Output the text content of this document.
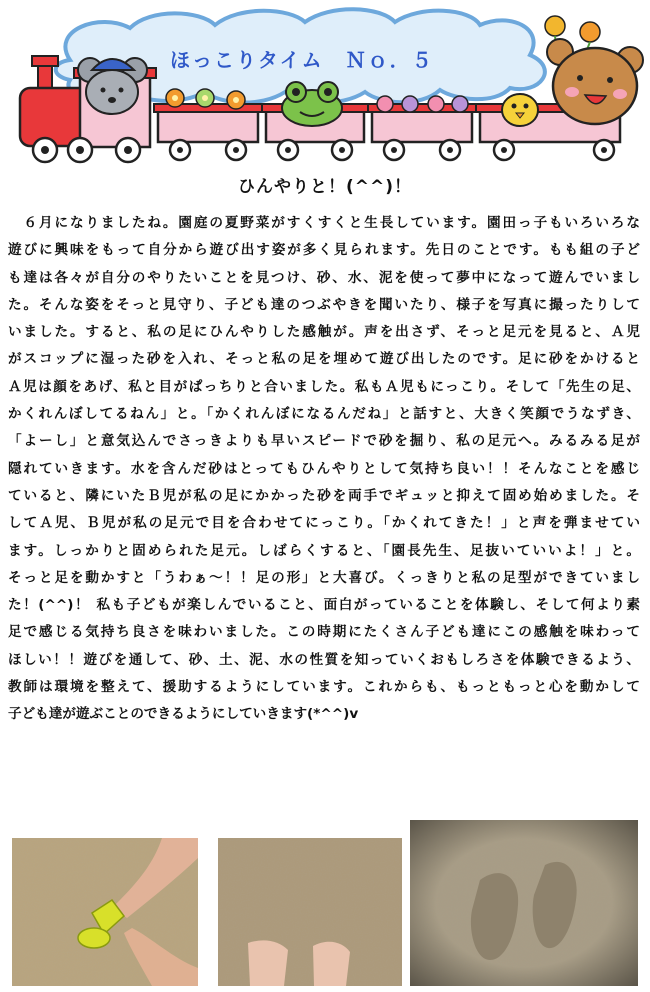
ほっこりタイム　Ｎｏ．５
ひんやりと！(^^)！
　６月になりましたね。園庭の夏野菜がすくすくと生長しています。園田っ子もいろいろな
遊びに興味をもって自分から遊び出す姿が多く見られます。先日のことです。もも組の子ど
も達は各々が自分のやりたいことを見つけ、砂、水、泥を使って夢中になって遊んでいまし
た。そんな姿をそっと見守り、子ども達のつぶやきを聞いたり、様子を写真に撮ったりして
いました。すると、私の足にひんやりした感触が。声を出さず、そっと足元を見ると、Ａ児
がスコップに湿った砂を入れ、そっと私の足を埋めて遊び出したのです。足に砂をかけると
Ａ児は顔をあげ、私と目がぱっちりと合いました。私もＡ児もにっこり。そして「先生の足、
かくれんぼしてるねん」と。「かくれんぼになるんだね」と話すと、大きく笑顔でうなずき、
「よーし」と意気込んでさっきよりも早いスピードで砂を掘り、私の足元へ。みるみる足が
隠れていきます。水を含んだ砂はとってもひんやりとして気持ち良い！！そんなことを感じ
ていると、隣にいたＢ児が私の足にかかった砂を両手でギュッと抑えて固め始めました。そ
してＡ児、Ｂ児が私の足元で目を合わせてにっこり。「かくれてきた！」と声を弾ませてい
ます。しっかりと固められた足元。しばらくすると、「園長先生、足抜いていいよ！」と。
そっと足を動かすと「うわぁ～！！足の形」と大喜び。くっきりと私の足型ができていまし
た！(^^)！ 私も子どもが楽しんでいること、面白がっていることを体験し、そして何より素
足で感じる気持ち良さを味わいました。この時期にたくさん子ども達にこの感触を味わって
ほしい！！遊びを通して、砂、土、泥、水の性質を知っていくおもしろさを体験できるよう、
教師は環境を整えて、援助するようにしています。これからも、もっともっと心を動かして
子ども達が遊ぶことのできるようにしていきます(*^^)v
